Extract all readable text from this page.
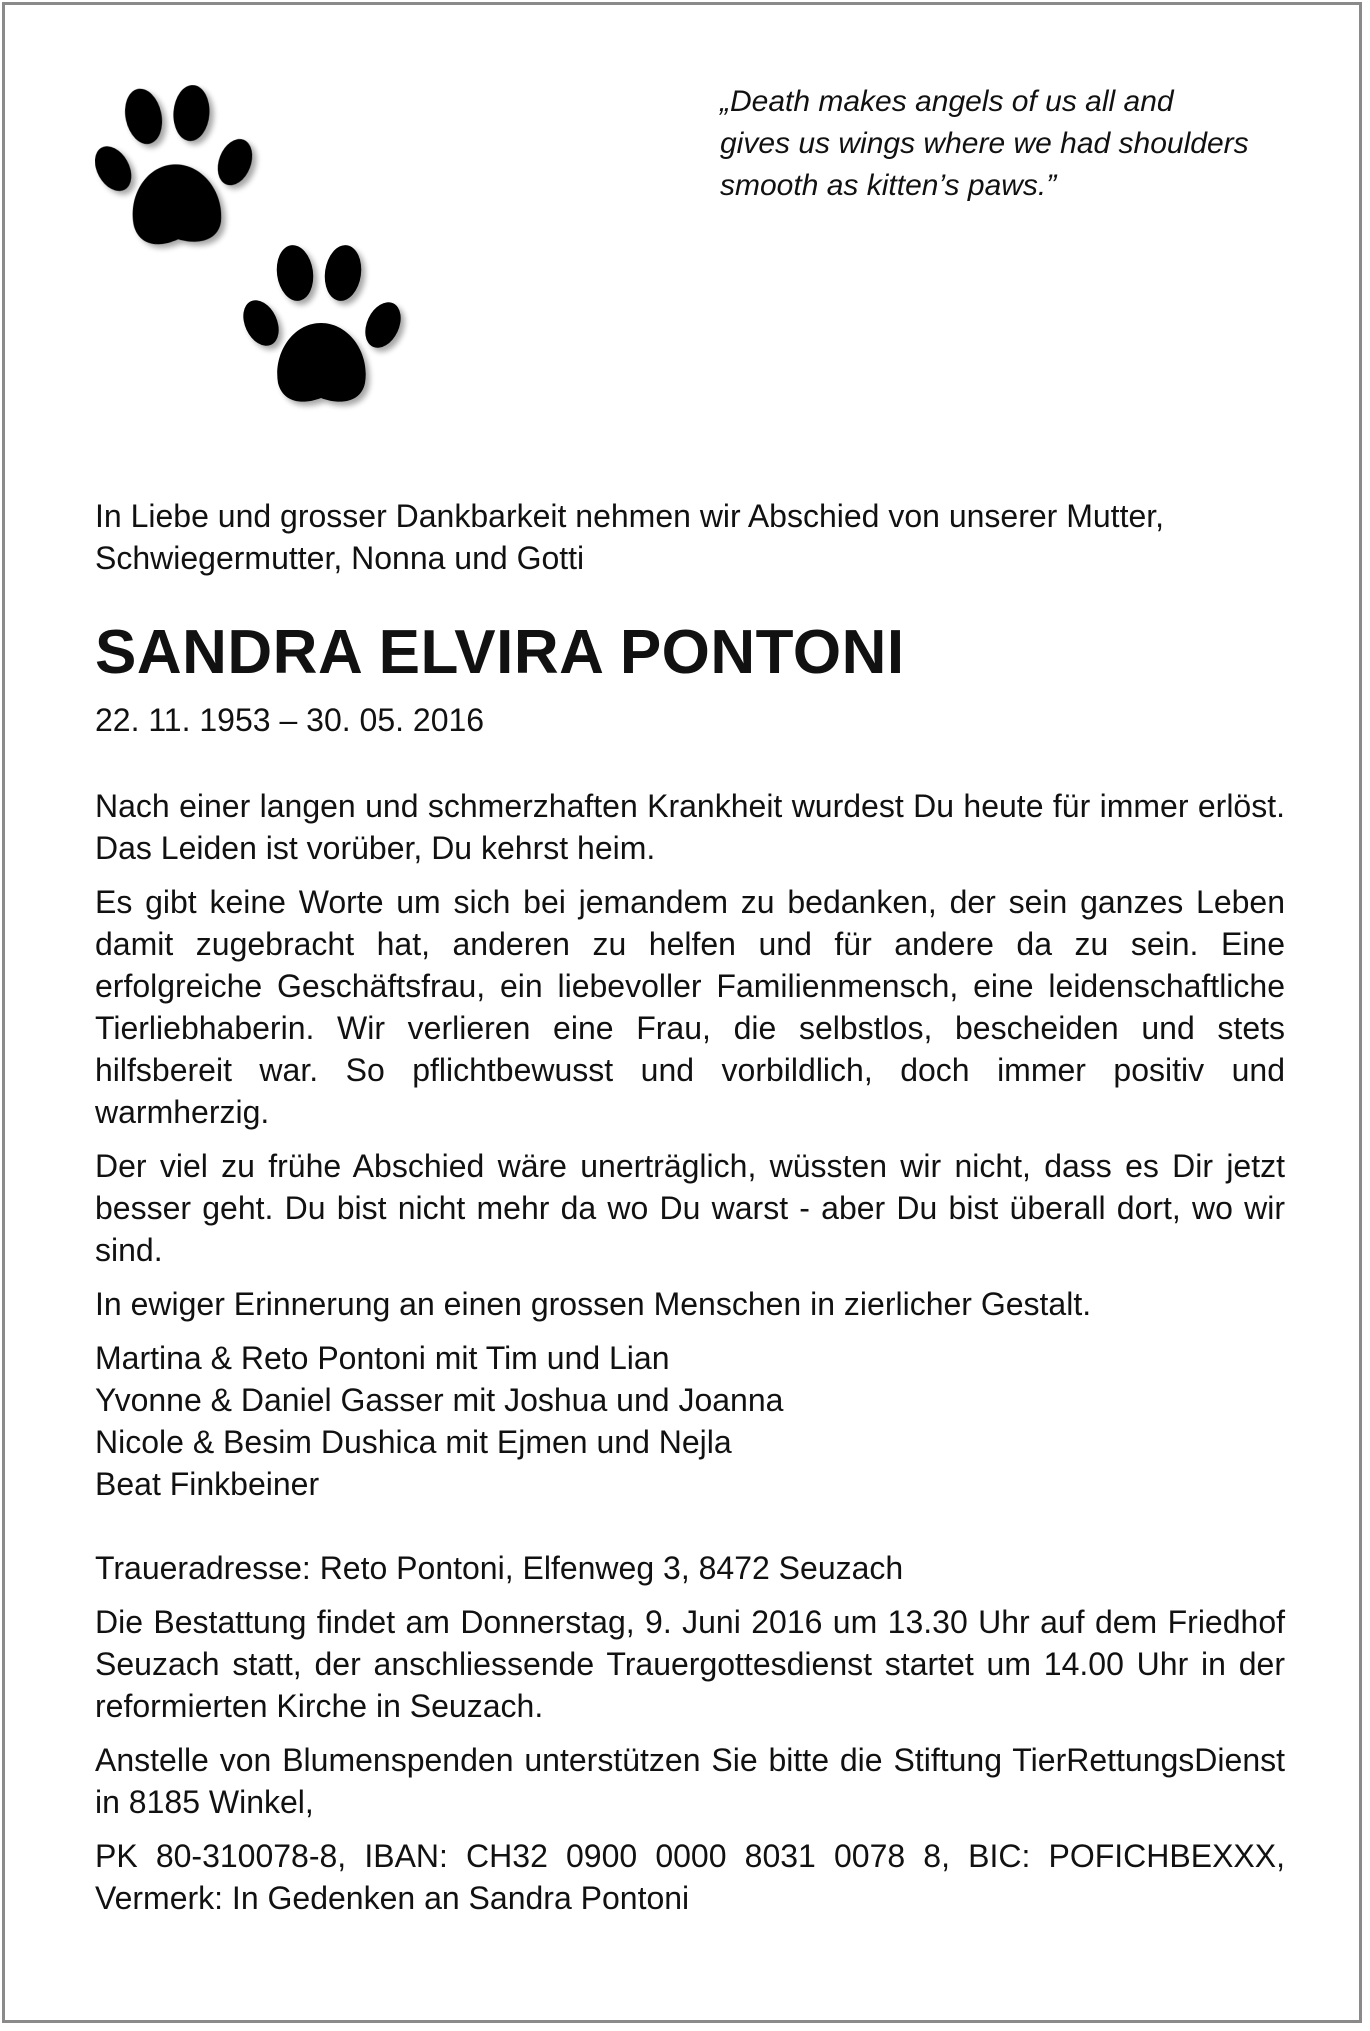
„Death makes angels of us all and
gives us wings where we had shoulders
smooth as kitten’s paws.”

In Liebe und grosser Dankbarkeit nehmen wir Abschied von unserer Mutter, Schwiegermutter, Nonna und Gotti

SANDRA ELVIRA PONTONI

22. 11. 1953 – 30. 05. 2016

Nach einer langen und schmerzhaften Krankheit wurdest Du heute für immer erlöst. Das Leiden ist vorüber, Du kehrst heim.

Es gibt keine Worte um sich bei jemandem zu bedanken, der sein ganzes Leben damit zugebracht hat, anderen zu helfen und für andere da zu sein. Eine erfolgreiche Geschäftsfrau, ein liebevoller Familienmensch, eine leidenschaftliche Tierliebhaberin. Wir verlieren eine Frau, die selbstlos, bescheiden und stets hilfsbereit war. So pflichtbewusst und vorbildlich, doch immer positiv und warmherzig.

Der viel zu frühe Abschied wäre unerträglich, wüssten wir nicht, dass es Dir jetzt besser geht. Du bist nicht mehr da wo Du warst - aber Du bist überall dort, wo wir sind.

In ewiger Erinnerung an einen grossen Menschen in zierlicher Gestalt.

Martina & Reto Pontoni mit Tim und Lian
Yvonne & Daniel Gasser mit Joshua und Joanna
Nicole & Besim Dushica mit Ejmen und Nejla
Beat Finkbeiner

Traueradresse: Reto Pontoni, Elfenweg 3, 8472 Seuzach

Die Bestattung findet am Donnerstag, 9. Juni 2016 um 13.30 Uhr auf dem Friedhof Seuzach statt, der anschliessende Trauergottesdienst startet um 14.00 Uhr in der reformierten Kirche in Seuzach.

Anstelle von Blumenspenden unterstützen Sie bitte die Stiftung TierRettungsDienst in 8185 Winkel,

PK 80-310078-8, IBAN: CH32 0900 0000 8031 0078 8, BIC: POFICHBEXXX, Vermerk: In Gedenken an Sandra Pontoni
